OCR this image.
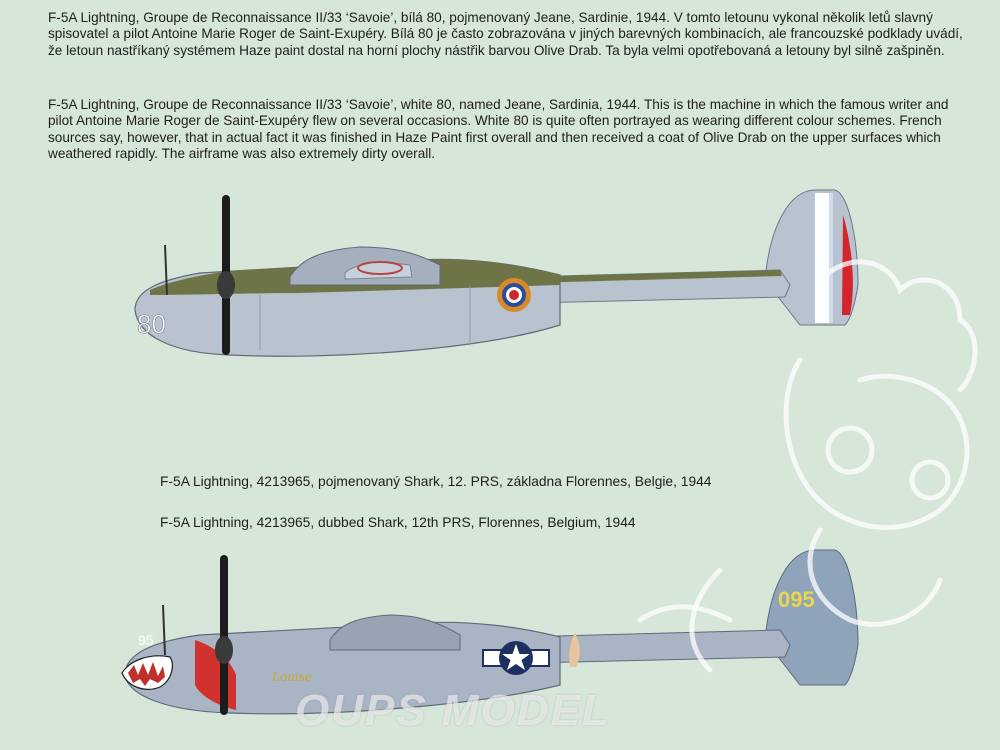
F-5A Lightning, Groupe de Reconnaissance II/33 ‘Savoie’, bílá 80, pojmenovaný Jeane, Sardinie, 1944. V tomto letounu vykonal několik letů slavný spisovatel a pilot Antoine Marie Roger de Saint-Exupéry. Bílá 80 je často zobrazována v jiných barevných kombinacích, ale francouzské podklady uvádí, že letoun nastříkaný systémem Haze paint dostal na horní plochy nástřik barvou Olive Drab. Ta byla velmi opotřebovaná a letouny byl silně zašpiněn.
F-5A Lightning, Groupe de Reconnaissance II/33 ‘Savoie’, white 80, named Jeane, Sardinia, 1944. This is the machine in which the famous writer and pilot Antoine Marie Roger de Saint-Exupéry flew on several occasions. White 80 is quite often portrayed as wearing different colour schemes. French sources say, however, that in actual fact it was finished in Haze Paint first overall and then received a coat of Olive Drab on the upper surfaces which weathered rapidly. The airframe was also extremely dirty overall.
80
F-5A Lightning, 4213965, pojmenovaný Shark, 12. PRS, základna Florennes, Belgie, 1944
F-5A Lightning, 4213965, dubbed Shark, 12th PRS, Florennes, Belgium, 1944
095
95
Louise
OUPS MODEL
